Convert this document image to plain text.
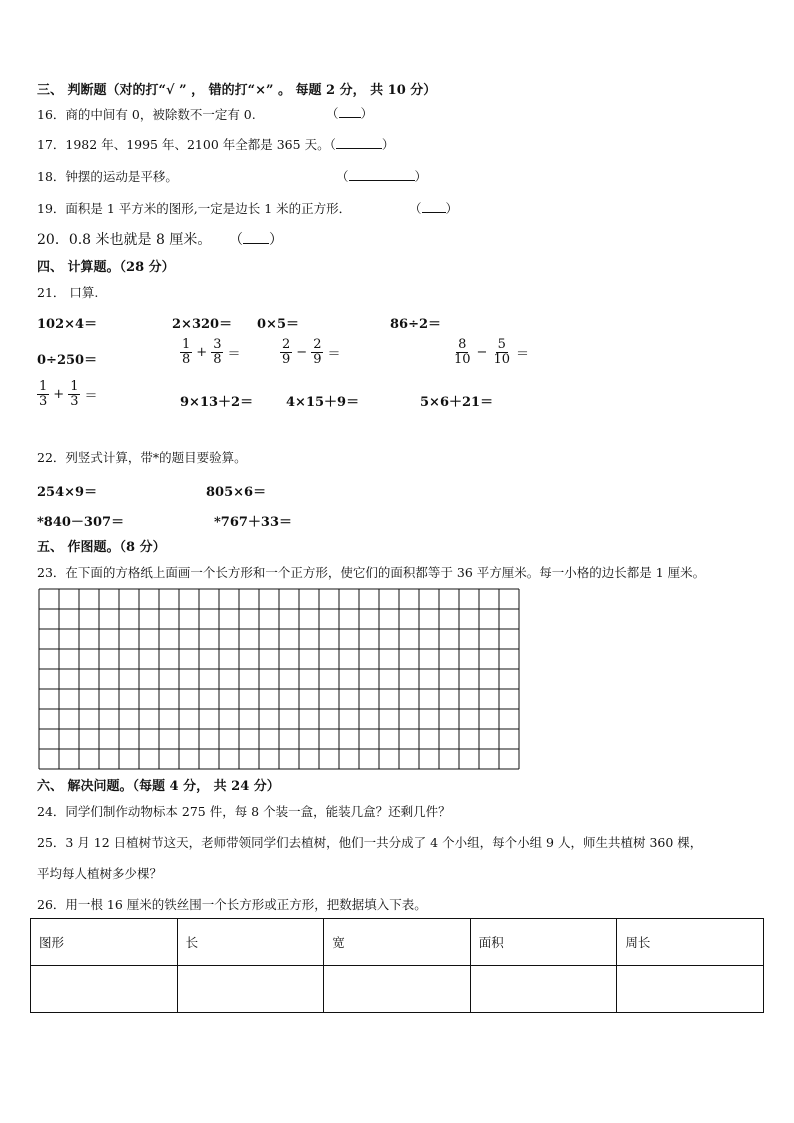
三、 判断题（对的打“√ ” ， 错的打“×” 。 每题 2 分， 共 10 分）
16．商的中间有 0，被除数不一定有 0.	（ ）
17．1982 年、1995 年、2100 年全都是 365 天。（	）
18．钟摆的运动是平移。	（	）
19．面积是 1 平方米的图形,一定是边长 1 米的正方形．	（ ）
20．0.8 米也就是 8 厘米。 （ ）
四、 计算题。（28 分）
21． 口算.
102×4＝	2×320＝ 0×5＝	86÷2＝
0÷250＝	$\frac{1}{8} + \frac{3}{8}$ ＝	$\frac{2}{9} - \frac{2}{9}$ ＝	$\frac{8}{10} - \frac{5}{10}$ ＝
$\frac{1}{3} + \frac{1}{3}$ ＝	9×13＋2＝	4×15＋9＝	5×6＋21＝
22．列竖式计算，带*的题目要验算。
254×9＝	805×6＝
*840－307＝	*767＋33＝
五、 作图题。（8 分）
23．在下面的方格纸上面画一个长方形和一个正方形，使它们的面积都等于 36 平方厘米。每一小格的边长都是 1 厘米。
六、 解决问题。（每题 4 分， 共 24 分）
24．同学们制作动物标本 275 件，每 8 个装一盒，能装几盒？还剩几件？
25．3 月 12 日植树节这天，老师带领同学们去植树，他们一共分成了 4 个小组，每个小组 9 人，师生共植树 360 棵，
平均每人植树多少棵？
26．用一根 16 厘米的铁丝围一个长方形或正方形，把数据填入下表。
图形	长	宽	面积	周长
